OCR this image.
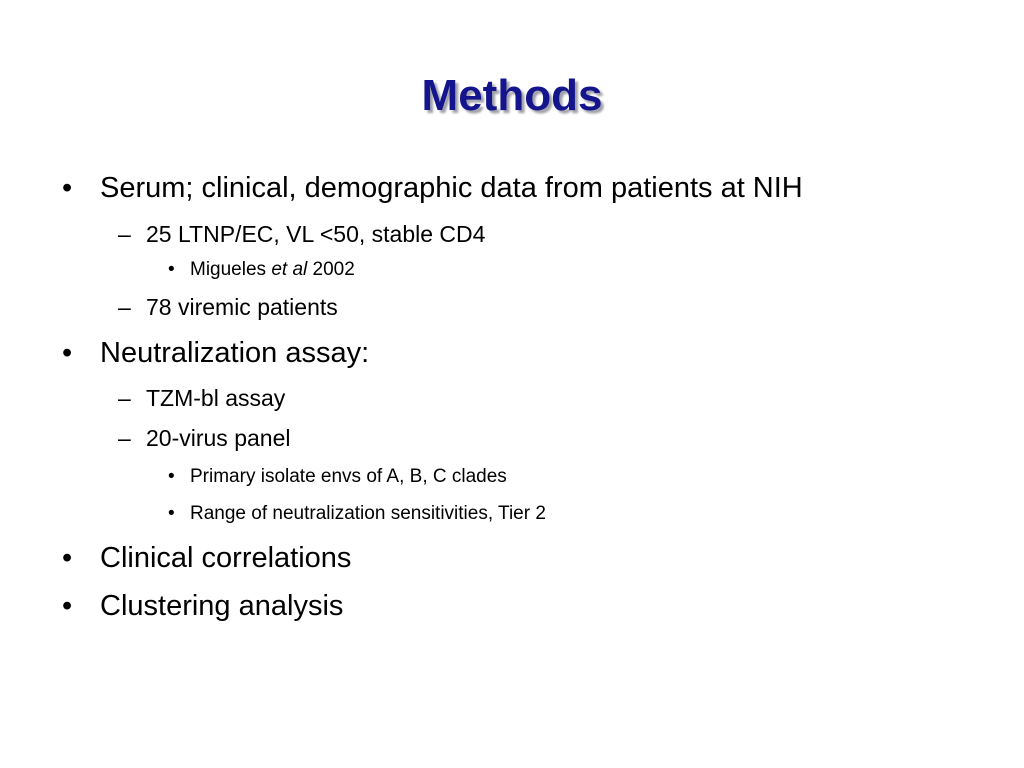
Methods
• Serum; clinical, demographic data from patients at NIH
– 25 LTNP/EC, VL <50, stable CD4
• Migueles et al 2002
– 78 viremic patients
• Neutralization assay:
– TZM-bl assay
– 20-virus panel
• Primary isolate envs of A, B, C clades
• Range of neutralization sensitivities, Tier 2
• Clinical correlations
• Clustering analysis
